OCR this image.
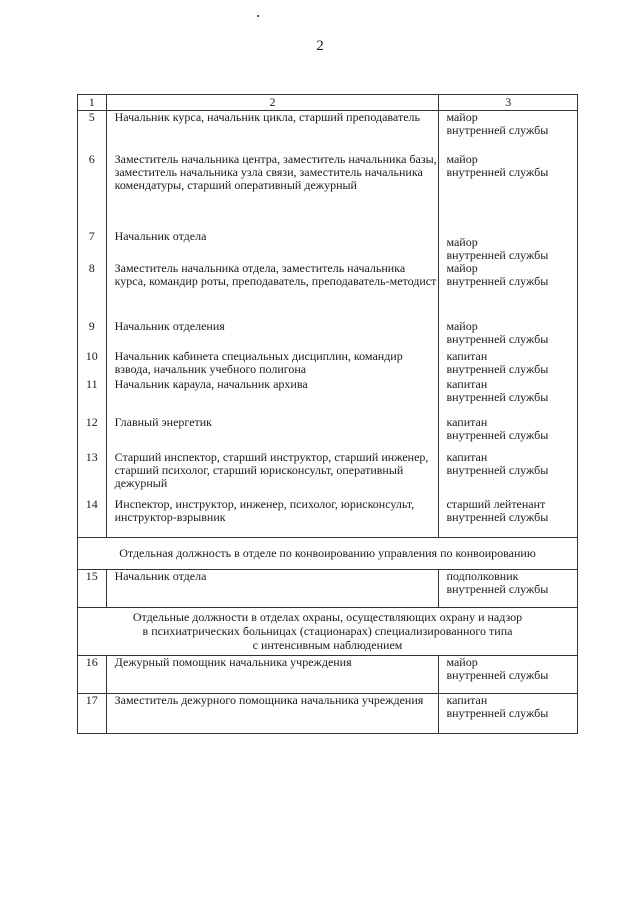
2
1	2	3
5	Начальник курса, начальник цикла, старший преподаватель	майор
внутренней службы

6	Заместитель начальника центра, заместитель начальника базы, заместитель начальника узла связи, заместитель начальника комендатуры, старший оперативный дежурный	майор
внутренней службы

7	Начальник отдела	майор
внутренней службы

8	Заместитель начальника отдела, заместитель начальника курса, командир роты, преподаватель, преподаватель-методист	майор
внутренней службы

9	Начальник отделения	майор
внутренней службы

10	Начальник кабинета специальных дисциплин, командир взвода, начальник учебного полигона	капитан
внутренней службы

11	Начальник караула, начальник архива	капитан
внутренней службы

12	Главный энергетик	капитан
внутренней службы

13	Старший инспектор, старший инструктор, старший инженер, старший психолог, старший юрисконсульт, оперативный дежурный	капитан
внутренней службы

14	Инспектор, инструктор, инженер, психолог, юрисконсульт, инструктор-взрывник	старший лейтенант
внутренней службы

Отдельная должность в отделе по конвоированию управления по конвоированию		
15	Начальник отдела	подполковник
внутренней службы

Отдельные должности в отделах охраны, осуществляющих охрану и надзор
в психиатрических больницах (стационарах) специализированного типа
с интенсивным наблюдением		

16	Дежурный помощник начальника учреждения	майор
внутренней службы

17	Заместитель дежурного помощника начальника учреждения	капитан
внутренней службы
